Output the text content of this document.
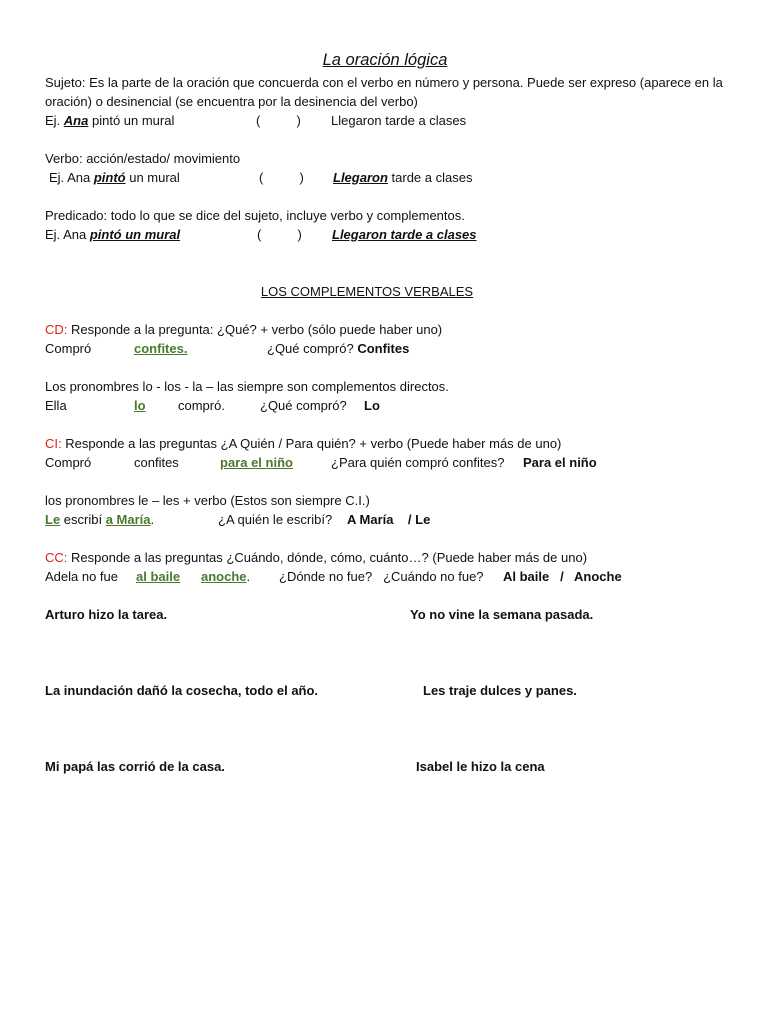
La oración lógica
Sujeto: Es la parte de la oración que concuerda con el verbo en número y persona. Puede ser expreso (aparece en la oración) o desinencial (se encuentra por la desinencia del verbo)
Ej. Ana pintó un mural	(          ) Llegaron tarde a clases
Verbo: acción/estado/ movimiento
Ej. Ana pintó un mural	(          ) Llegaron tarde a clases
Predicado: todo lo que se dice del sujeto, incluye verbo y complementos.
Ej. Ana pintó un mural	(          ) Llegaron tarde a clases
LOS COMPLEMENTOS VERBALES
CD: Responde a la pregunta: ¿Qué? + verbo (sólo puede haber uno)
Compró	confites.	¿Qué compró? Confites
Los pronombres lo - los - la – las siempre son complementos directos.
Ella	lo compró.	¿Qué compró? Lo
CI: Responde a las preguntas ¿A Quién / Para quién? + verbo (Puede haber más de uno)
Compró	confites	para el niño	¿Para quién compró confites? Para el niño
los pronombres le – les + verbo (Estos son siempre C.I.)
Le escribí a María.	¿A quién le escribí? A María    / Le
CC: Responde a las preguntas ¿Cuándo, dónde, cómo, cuánto…? (Puede haber más de uno)
Adela no fue al baile anoche. ¿Dónde no fue?   ¿Cuándo no fue? Al baile   /   Anoche
Arturo hizo la tarea.	Yo no vine la semana pasada.
La inundación dañó la cosecha, todo el año.	Les traje dulces y panes.
Mi papá las corrió de la casa.	Isabel le hizo la cena
